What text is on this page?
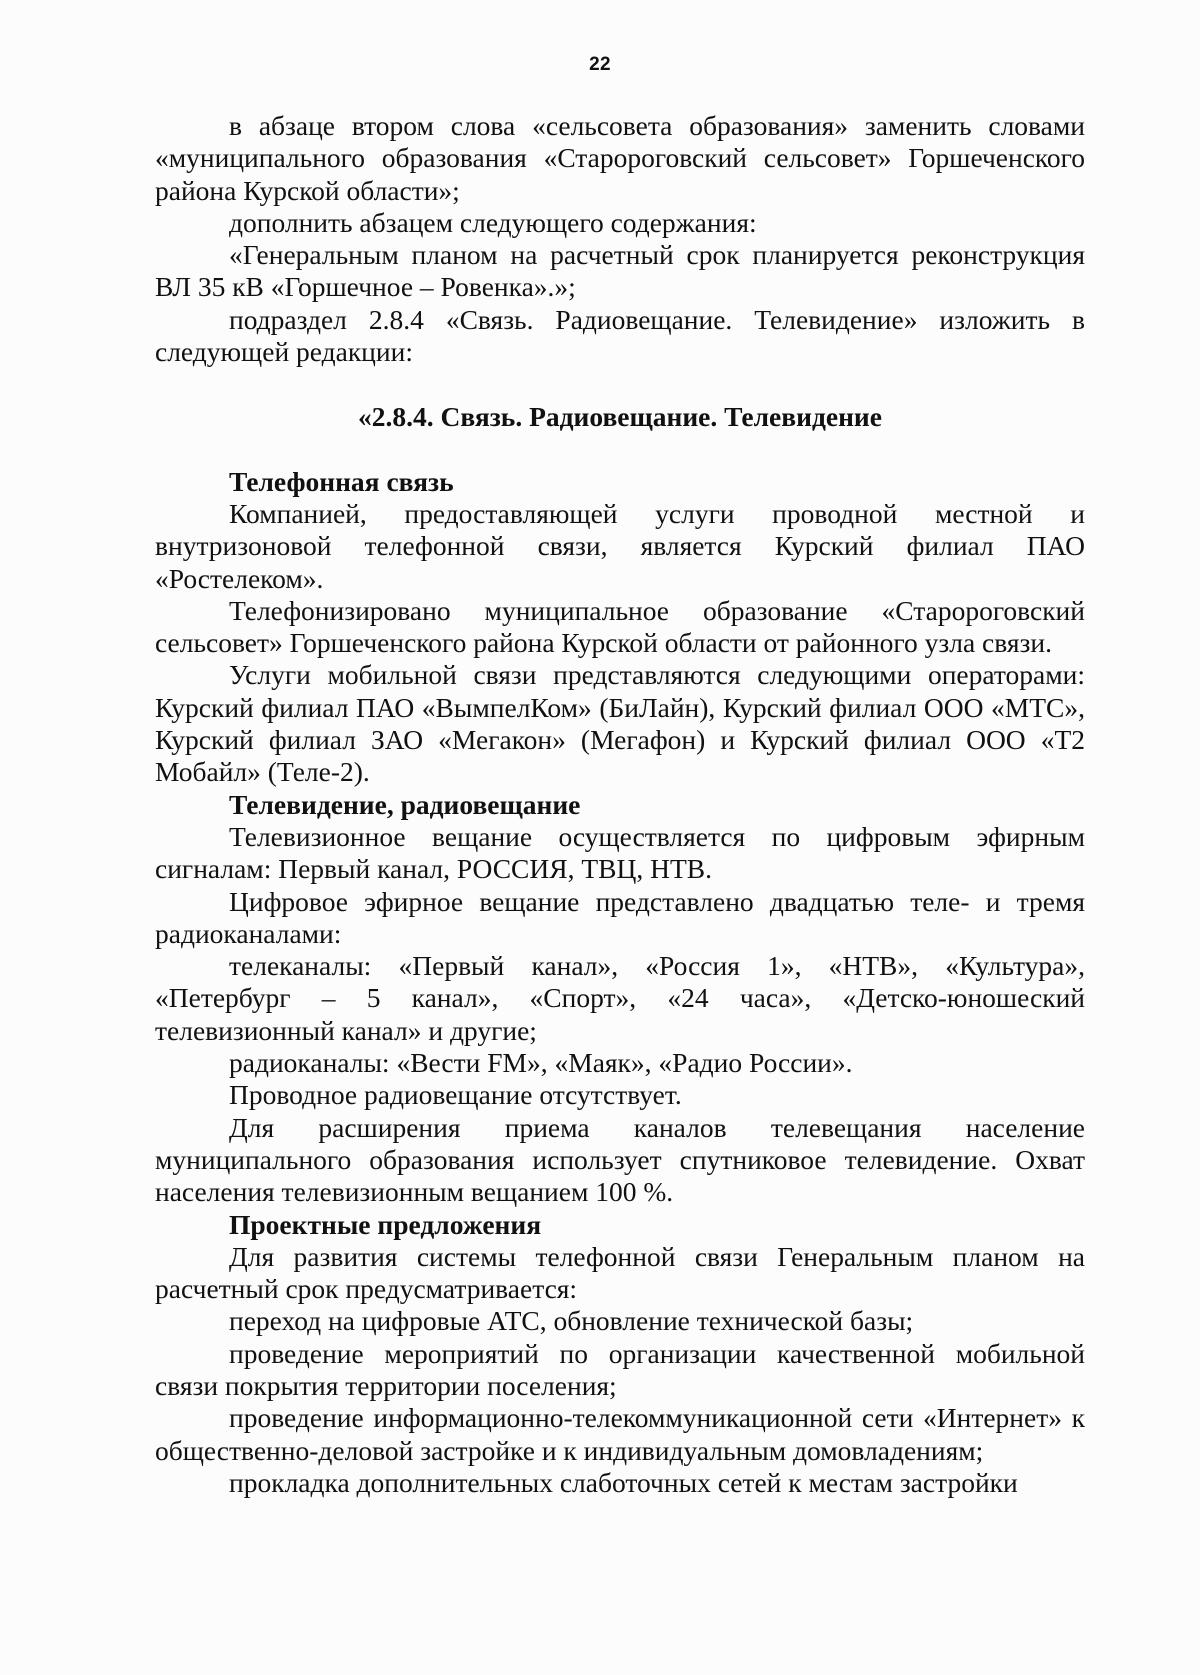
22

в абзаце втором слова «сельсовета образования» заменить словами «муниципального образования «Старороговский сельсовет» Горшеченского района Курской области»;

дополнить абзацем следующего содержания:

«Генеральным планом на расчетный срок планируется реконструкция ВЛ 35 кВ «Горшечное – Ровенка».»;

подраздел 2.8.4 «Связь. Радиовещание. Телевидение» изложить в следующей редакции:

«2.8.4. Связь. Радиовещание. Телевидение
Телефонная связь

Компанией, предоставляющей услуги проводной местной и внутризоновой телефонной связи, является Курский филиал ПАО «Ростелеком».

Телефонизировано муниципальное образование «Старороговский сельсовет» Горшеченского района Курской области от районного узла связи.

Услуги мобильной связи представляются следующими операторами: Курский филиал ПАО «ВымпелКом» (БиЛайн), Курский филиал ООО «МТС», Курский филиал ЗАО «Мегакон» (Мегафон) и Курский филиал ООО «Т2 Мобайл» (Теле-2).

Телевидение, радиовещание

Телевизионное вещание осуществляется по цифровым эфирным сигналам: Первый канал, РОССИЯ, ТВЦ, НТВ.

Цифровое эфирное вещание представлено двадцатью теле- и тремя радиоканалами:

телеканалы: «Первый канал», «Россия 1», «НТВ», «Культура», «Петербург – 5 канал», «Спорт», «24 часа», «Детско-юношеский телевизионный канал» и другие;

радиоканалы: «Вести FM», «Маяк», «Радио России».

Проводное радиовещание отсутствует.

Для расширения приема каналов телевещания население муниципального образования использует спутниковое телевидение. Охват населения телевизионным вещанием 100 %.

Проектные предложения

Для развития системы телефонной связи Генеральным планом на расчетный срок предусматривается:

переход на цифровые АТС, обновление технической базы;

проведение мероприятий по организации качественной мобильной связи покрытия территории поселения;

проведение информационно-телекоммуникационной сети «Интернет» к общественно-деловой застройке и к индивидуальным домовладениям;

прокладка дополнительных слаботочных сетей к местам застройки
